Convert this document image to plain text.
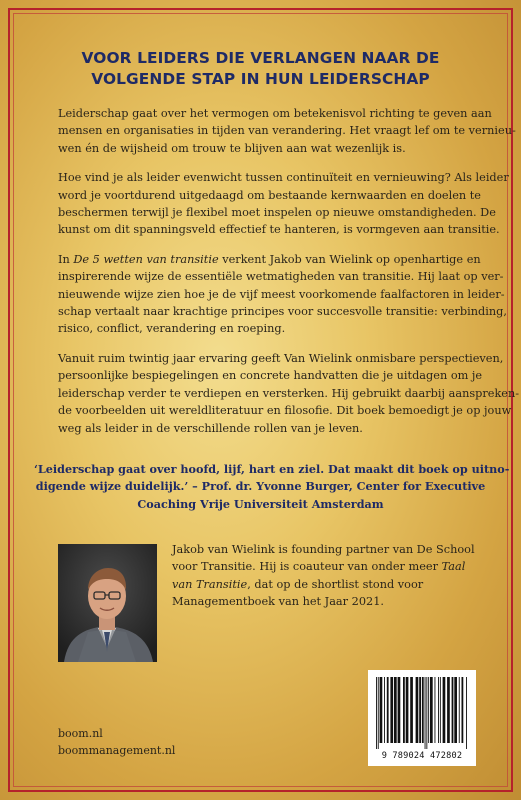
VOOR LEIDERS DIE VERLANGEN NAAR DE
VOLGENDE STAP IN HUN LEIDERSCHAP

Leiderschap gaat over het vermogen om betekenisvol richting te geven aan
mensen en organisaties in tijden van verandering. Het vraagt lef om te vernieu-
wen én de wijsheid om trouw te blijven aan wat wezenlijk is.

Hoe vind je als leider evenwicht tussen continuïteit en vernieuwing? Als leider
word je voortdurend uitgedaagd om bestaande kernwaarden en doelen te
beschermen terwijl je flexibel moet inspelen op nieuwe omstandigheden. De
kunst om dit spanningsveld effectief te hanteren, is vormgeven aan transitie.

In De 5 wetten van transitie verkent Jakob van Wielink op openhartige en
inspirerende wijze de essentiële wetmatigheden van transitie. Hij laat op ver-
nieuwende wijze zien hoe je de vijf meest voorkomende faalfactoren in leider-
schap vertaalt naar krachtige principes voor succesvolle transitie: verbinding,
risico, conflict, verandering en roeping.

Vanuit ruim twintig jaar ervaring geeft Van Wielink onmisbare perspectieven,
persoonlijke bespiegelingen en concrete handvatten die je uitdagen om je
leiderschap verder te verdiepen en versterken. Hij gebruikt daarbij aanspreken-
de voorbeelden uit wereldliteratuur en filosofie. Dit boek bemoedigt je op jouw
weg als leider in de verschillende rollen van je leven.

‘Leiderschap gaat over hoofd, lijf, hart en ziel. Dat maakt dit boek op uitno-
digende wijze duidelijk.’ – Prof. dr. Yvonne Burger, Center for Executive
Coaching Vrije Universiteit Amsterdam
Jakob van Wielink is founding partner van De School
voor Transitie. Hij is coauteur van onder meer Taal
van Transitie, dat op de shortlist stond voor
Managementboek van het Jaar 2021.
boom.nl
boommanagement.nl	9 789024 472802
